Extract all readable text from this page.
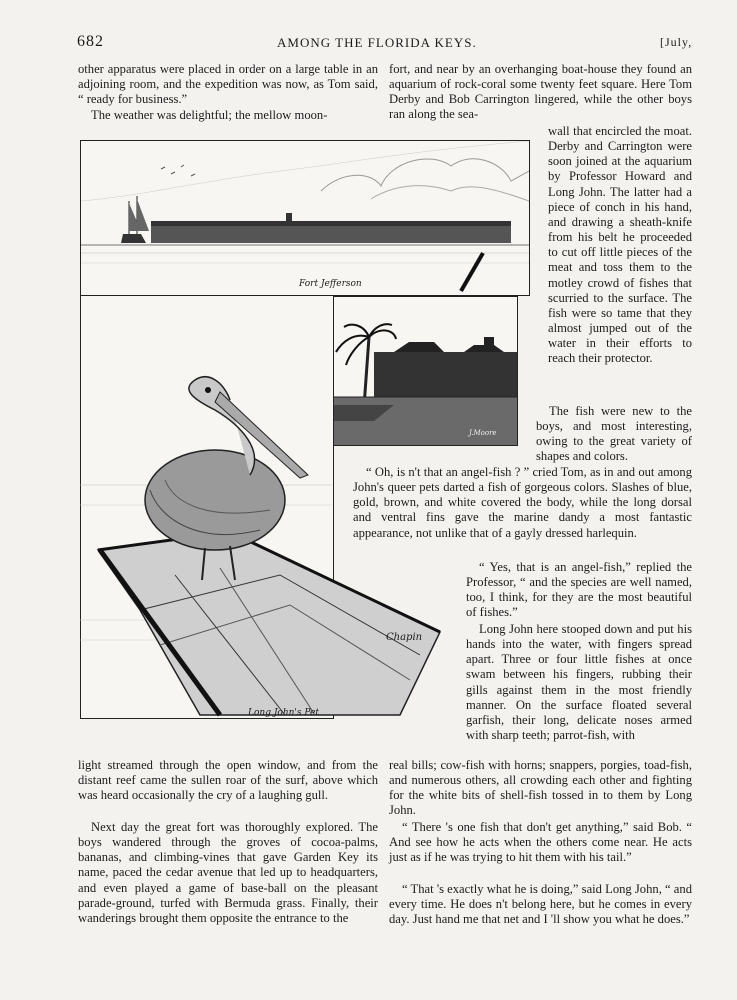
682	AMONG THE FLORIDA KEYS.	[July,

other apparatus were placed in order on a large table in an adjoining room, and the expedition was now, as Tom said, “ ready for business.”

The weather was delightful; the mellow moon-

fort, and near by an overhanging boat-house they found an aquarium of rock-coral some twenty feet square. Here Tom Derby and Bob Carrington lingered, while the other boys ran along the sea-

wall that encircled the moat. Derby and Carrington were soon joined at the aquarium by Professor Howard and Long John. The latter had a piece of conch in his hand, and drawing a sheath-knife from his belt he proceeded to cut off little pieces of the meat and toss them to the motley crowd of fishes that scurried to the surface. The fish were so tame that they almost jumped out of the water in their efforts to reach their protector.

The fish were new to the boys, and most interesting, owing to the great variety of shapes and colors.

“ Oh, is n't that an angel-fish ? ” cried Tom, as in and out among John's queer pets darted a fish of gorgeous colors. Slashes of blue, gold, brown, and white covered the body, while the long dorsal and ventral fins gave the marine dandy a most fantastic appearance, not unlike that of a gayly dressed harlequin.

“ Yes, that is an angel-fish,” replied the Professor, “ and the species are well named, too, I think, for they are the most beautiful of fishes.”

Long John here stooped down and put his hands into the water, with fingers spread apart. Three or four little fishes at once swam between his fingers, rubbing their gills against them in the most friendly manner. On the surface floated several garfish, their long, delicate noses armed with sharp teeth; parrot-fish, with

Fort Jefferson
J.Moore
Long John's Pet
Chapin

light streamed through the open window, and from the distant reef came the sullen roar of the surf, above which was heard occasionally the cry of a laughing gull.

Next day the great fort was thoroughly explored. The boys wandered through the groves of cocoa-palms, bananas, and climbing-vines that gave Garden Key its name, paced the cedar avenue that led up to headquarters, and even played a game of base-ball on the pleasant parade-ground, turfed with Bermuda grass. Finally, their wanderings brought them opposite the entrance to the

real bills; cow-fish with horns; snappers, porgies, toad-fish, and numerous others, all crowding each other and fighting for the white bits of shell-fish tossed in to them by Long John.

“ There 's one fish that don't get anything,” said Bob. “ And see how he acts when the others come near. He acts just as if he was trying to hit them with his tail.”

“ That 's exactly what he is doing,” said Long John, “ and every time. He does n't belong here, but he comes in every day. Just hand me that net and I 'll show you what he does.”
